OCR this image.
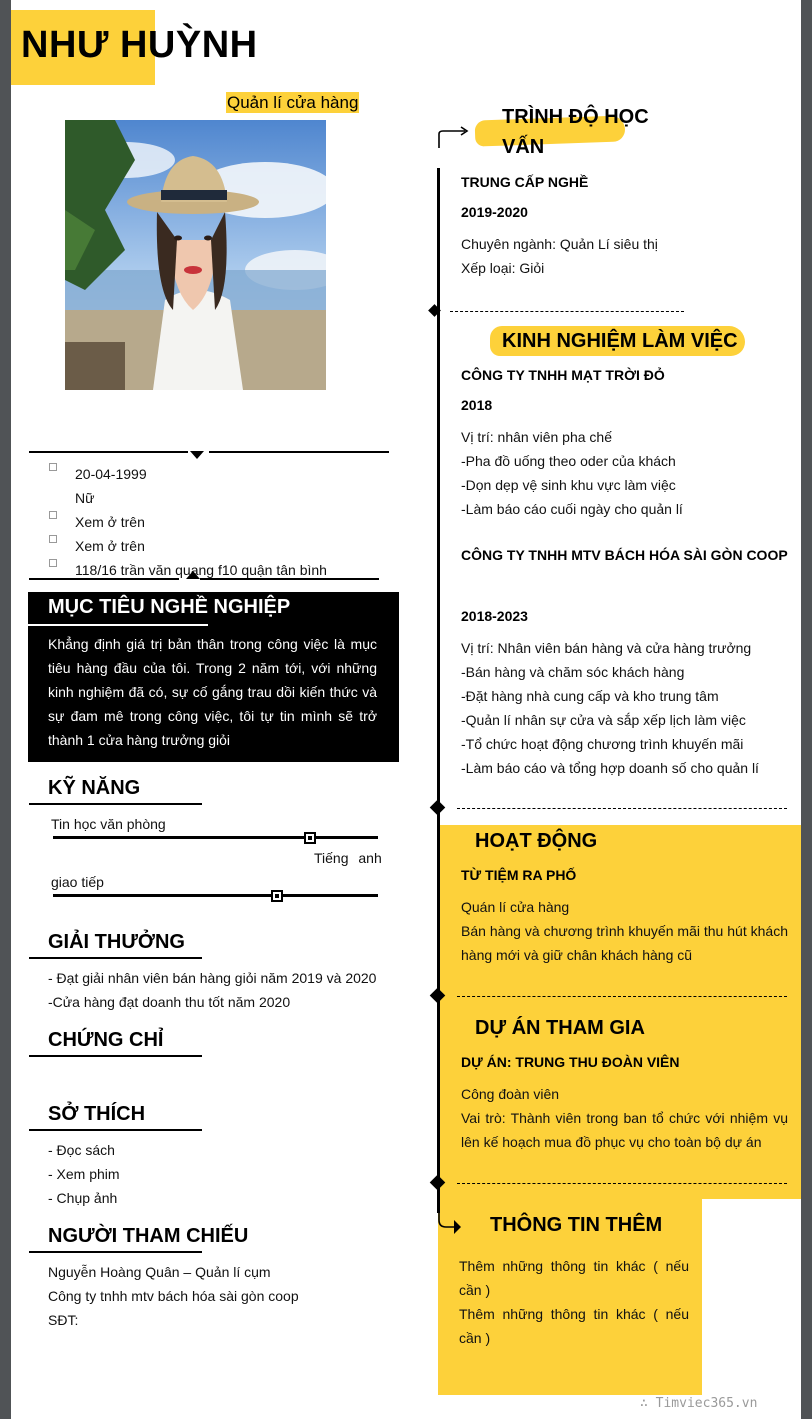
NHƯ HUỲNH
Quản lí cửa hàng
20-04-1999
Nữ
Xem ở trên
Xem ở trên
118/16 trần văn quang f10 quận tân bình
MỤC TIÊU NGHỀ NGHIỆP
Khẳng định giá trị bản thân trong công việc là mục tiêu hàng đầu của tôi. Trong 2 năm tới, với những kinh nghiệm đã có, sự cố gắng trau dồi kiến thức và sự đam mê trong công việc, tôi tự tin mình sẽ trở thành 1 cửa hàng trưởng giỏi
KỸ NĂNG
Tin học văn phòng
Tiếng anh
giao tiếp
GIẢI THƯỞNG
- Đạt giải nhân viên bán hàng giỏi năm 2019 và 2020
-Cửa hàng đạt doanh thu tốt năm 2020
CHỨNG CHỈ
SỞ THÍCH
- Đọc sách
- Xem phim
- Chụp ảnh
NGƯỜI THAM CHIẾU
Nguyễn Hoàng Quân – Quản lí cụm
Công ty tnhh mtv bách hóa sài gòn coop
SĐT:
TRÌNH ĐỘ HỌC VẤN
TRUNG CẤP NGHỀ
2019-2020
Chuyên ngành: Quản Lí siêu thị
Xếp loại: Giỏi
KINH NGHIỆM LÀM VIỆC
CÔNG TY TNHH MẠT TRỜI ĐỎ
2018
Vị trí: nhân viên pha chế
-Pha đồ uống theo oder của khách
-Dọn dẹp vệ sinh khu vực làm việc
-Làm báo cáo cuối ngày cho quản lí
CÔNG TY TNHH MTV BÁCH HÓA SÀI GÒN COOP
2018-2023
Vị trí: Nhân viên bán hàng và cửa hàng trưởng
-Bán hàng và chăm sóc khách hàng
-Đặt hàng nhà cung cấp và kho trung tâm
-Quản lí nhân sự cửa và sắp xếp lịch làm việc
-Tổ chức hoạt động chương trình khuyến mãi
-Làm báo cáo và tổng hợp doanh số cho quản lí
HOẠT ĐỘNG
TỪ TIỆM RA PHỐ
Quán lí cửa hàng
Bán hàng và chương trình khuyến mãi thu hút khách hàng mới và giữ chân khách hàng cũ
DỰ ÁN THAM GIA
DỰ ÁN: TRUNG THU ĐOÀN VIÊN
Công đoàn viên
Vai trò: Thành viên trong ban tổ chức với nhiệm vụ lên kế hoạch mua đồ phục vụ cho toàn bộ dự án
THÔNG TIN THÊM
Thêm những thông tin khác ( nếu cần )
Thêm những thông tin khác ( nếu cần )
∴ Timviec365.vn
